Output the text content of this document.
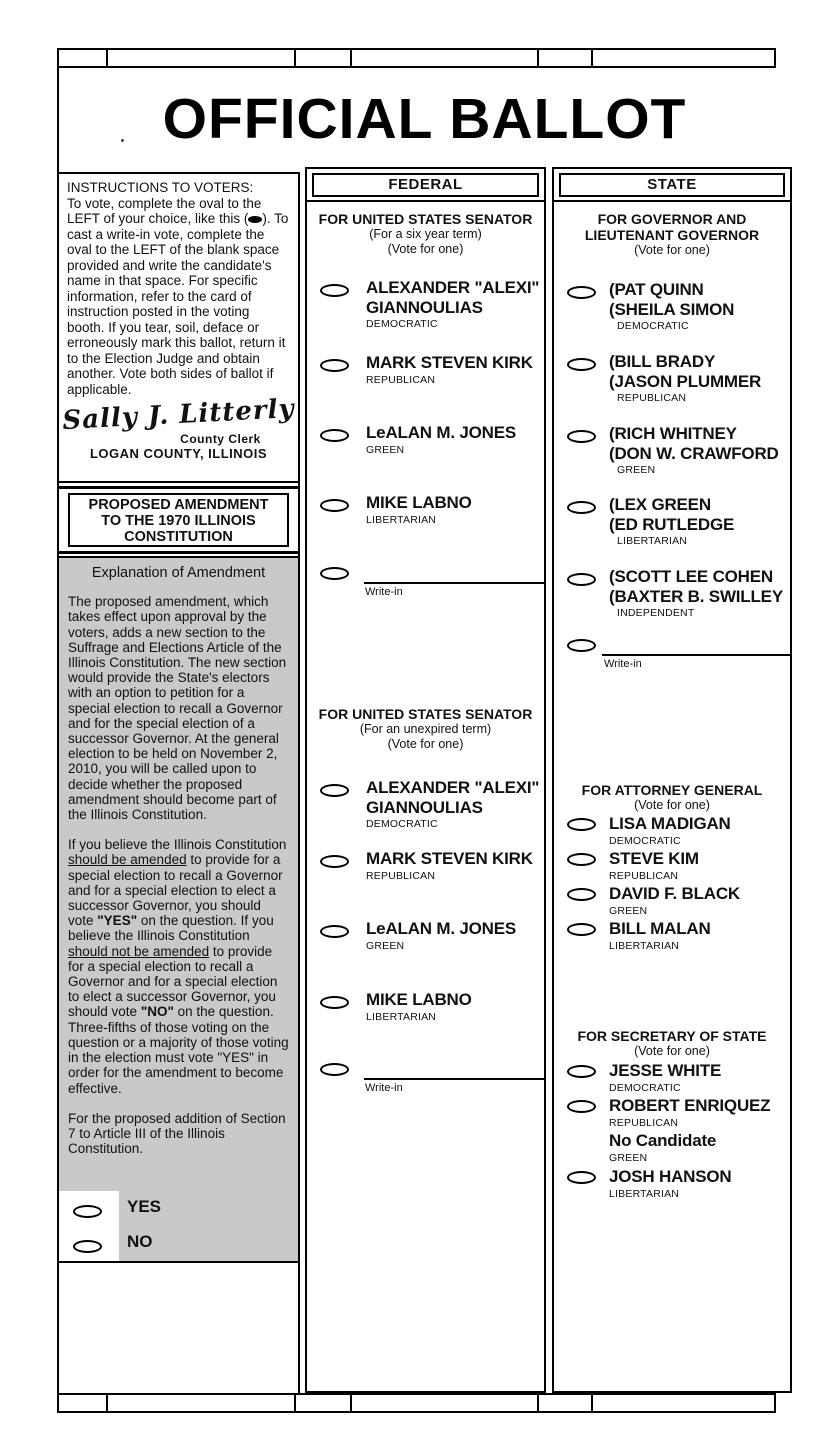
OFFICIAL BALLOT
INSTRUCTIONS TO VOTERS:
To vote, complete the oval to the LEFT of your choice, like this ( ). To cast a write-in vote, complete the oval to the LEFT of the blank space provided and write the candidate's name in that space. For specific information, refer to the card of instruction posted in the voting booth. If you tear, soil, deface or erroneously mark this ballot, return it to the Election Judge and obtain another. Vote both sides of ballot if applicable.
Sally J. Litterly
County Clerk
LOGAN COUNTY, ILLINOIS
PROPOSED AMENDMENT
TO THE 1970 ILLINOIS
CONSTITUTION
Explanation of Amendment
The proposed amendment, which takes effect upon approval by the voters, adds a new section to the Suffrage and Elections Article of the Illinois Constitution. The new section would provide the State's electors with an option to petition for a special election to recall a Governor and for the special election of a successor Governor. At the general election to be held on November 2, 2010, you will be called upon to decide whether the proposed amendment should become part of the Illinois Constitution.
If you believe the Illinois Constitution should be amended to provide for a special election to recall a Governor and for a special election to elect a successor Governor, you should vote "YES" on the question. If you believe the Illinois Constitution should not be amended to provide for a special election to recall a Governor and for a special election to elect a successor Governor, you should vote "NO" on the question. Three-fifths of those voting on the question or a majority of those voting in the election must vote "YES" in order for the amendment to become effective.
For the proposed addition of Section 7 to Article III of the Illinois Constitution.
YES
NO
FEDERAL
FOR UNITED STATES SENATOR
(For a six year term)
(Vote for one)
ALEXANDER "ALEXI"
GIANNOULIAS
DEMOCRATIC
MARK STEVEN KIRK
REPUBLICAN
LeALAN M. JONES
GREEN
MIKE LABNO
LIBERTARIAN
Write-in
FOR UNITED STATES SENATOR
(For an unexpired term)
(Vote for one)
ALEXANDER "ALEXI"
GIANNOULIAS
DEMOCRATIC
MARK STEVEN KIRK
REPUBLICAN
LeALAN M. JONES
GREEN
MIKE LABNO
LIBERTARIAN
Write-in
STATE
FOR GOVERNOR AND
LIEUTENANT GOVERNOR
(Vote for one)
(PAT QUINN
(SHEILA SIMON
DEMOCRATIC
(BILL BRADY
(JASON PLUMMER
REPUBLICAN
(RICH WHITNEY
(DON W. CRAWFORD
GREEN
(LEX GREEN
(ED RUTLEDGE
LIBERTARIAN
(SCOTT LEE COHEN
(BAXTER B. SWILLEY
INDEPENDENT
Write-in
FOR ATTORNEY GENERAL
(Vote for one)
LISA MADIGAN
DEMOCRATIC
STEVE KIM
REPUBLICAN
DAVID F. BLACK
GREEN
BILL MALAN
LIBERTARIAN
FOR SECRETARY OF STATE
(Vote for one)
JESSE WHITE
DEMOCRATIC
ROBERT ENRIQUEZ
REPUBLICAN
No Candidate
GREEN
JOSH HANSON
LIBERTARIAN
